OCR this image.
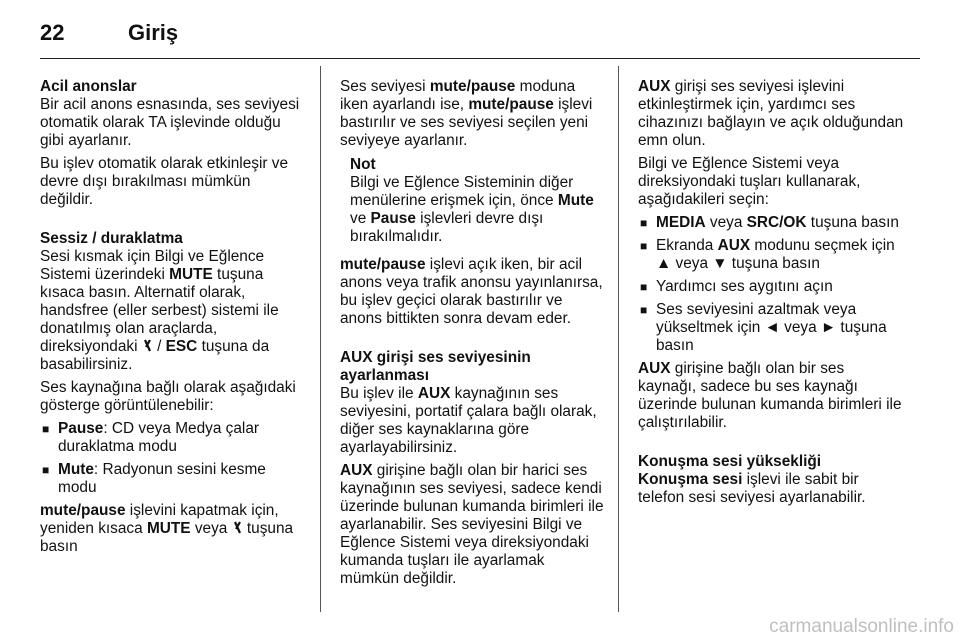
22	Giriş
Acil anonslar

Bir acil anons esnasında, ses seviyesi otomatik olarak TA işlevinde olduğu gibi ayarlanır.

Bu işlev otomatik olarak etkinleşir ve devre dışı bırakılması mümkün değildir.

Sessiz / duraklatma

Sesi kısmak için Bilgi ve Eğlence Sistemi üzerindeki MUTE tuşuna kısaca basın. Alternatif olarak, handsfree (eller serbest) sistemi ile donatılmış olan araçlarda, direksiyondaki  / ESC tuşuna da basabilirsiniz.

Ses kaynağına bağlı olarak aşağıdaki gösterge görüntülenebilir:

■ Pause: CD veya Medya çalar duraklatma modu
■ Mute: Radyonun sesini kesme modu

mute/pause işlevini kapatmak için, yeniden kısaca MUTE veya  tuşuna basın

Ses seviyesi mute/pause moduna iken ayarlandı ise, mute/pause işlevi bastırılır ve ses seviyesi seçilen yeni seviyeye ayarlanır.

Not
Bilgi ve Eğlence Sisteminin diğer menülerine erişmek için, önce Mute ve Pause işlevleri devre dışı bırakılmalıdır.

mute/pause işlevi açık iken, bir acil anons veya trafik anonsu yayınlanırsa, bu işlev geçici olarak bastırılır ve anons bittikten sonra devam eder.

AUX girişi ses seviyesinin ayarlanması

Bu işlev ile AUX kaynağının ses seviyesini, portatif çalara bağlı olarak, diğer ses kaynaklarına göre ayarlayabilirsiniz.

AUX girişine bağlı olan bir harici ses kaynağının ses seviyesi, sadece kendi üzerinde bulunan kumanda birimleri ile ayarlanabilir. Ses seviyesini Bilgi ve Eğlence Sistemi veya direksiyondaki kumanda tuşları ile ayarlamak mümkün değildir.

AUX girişi ses seviyesi işlevini etkinleştirmek için, yardımcı ses cihazınızı bağlayın ve açık olduğundan emn olun.

Bilgi ve Eğlence Sistemi veya direksiyondaki tuşları kullanarak, aşağıdakileri seçin:

■ MEDIA veya SRC/OK tuşuna basın
■ Ekranda AUX modunu seçmek için ▲ veya ▼ tuşuna basın
■ Yardımcı ses aygıtını açın
■ Ses seviyesini azaltmak veya yükseltmek için ◄ veya ► tuşuna basın

AUX girişine bağlı olan bir ses kaynağı, sadece bu ses kaynağı üzerinde bulunan kumanda birimleri ile çalıştırılabilir.

Konuşma sesi yüksekliği

Konuşma sesi işlevi ile sabit bir telefon sesi seviyesi ayarlanabilir.

carmanualsonline.info
